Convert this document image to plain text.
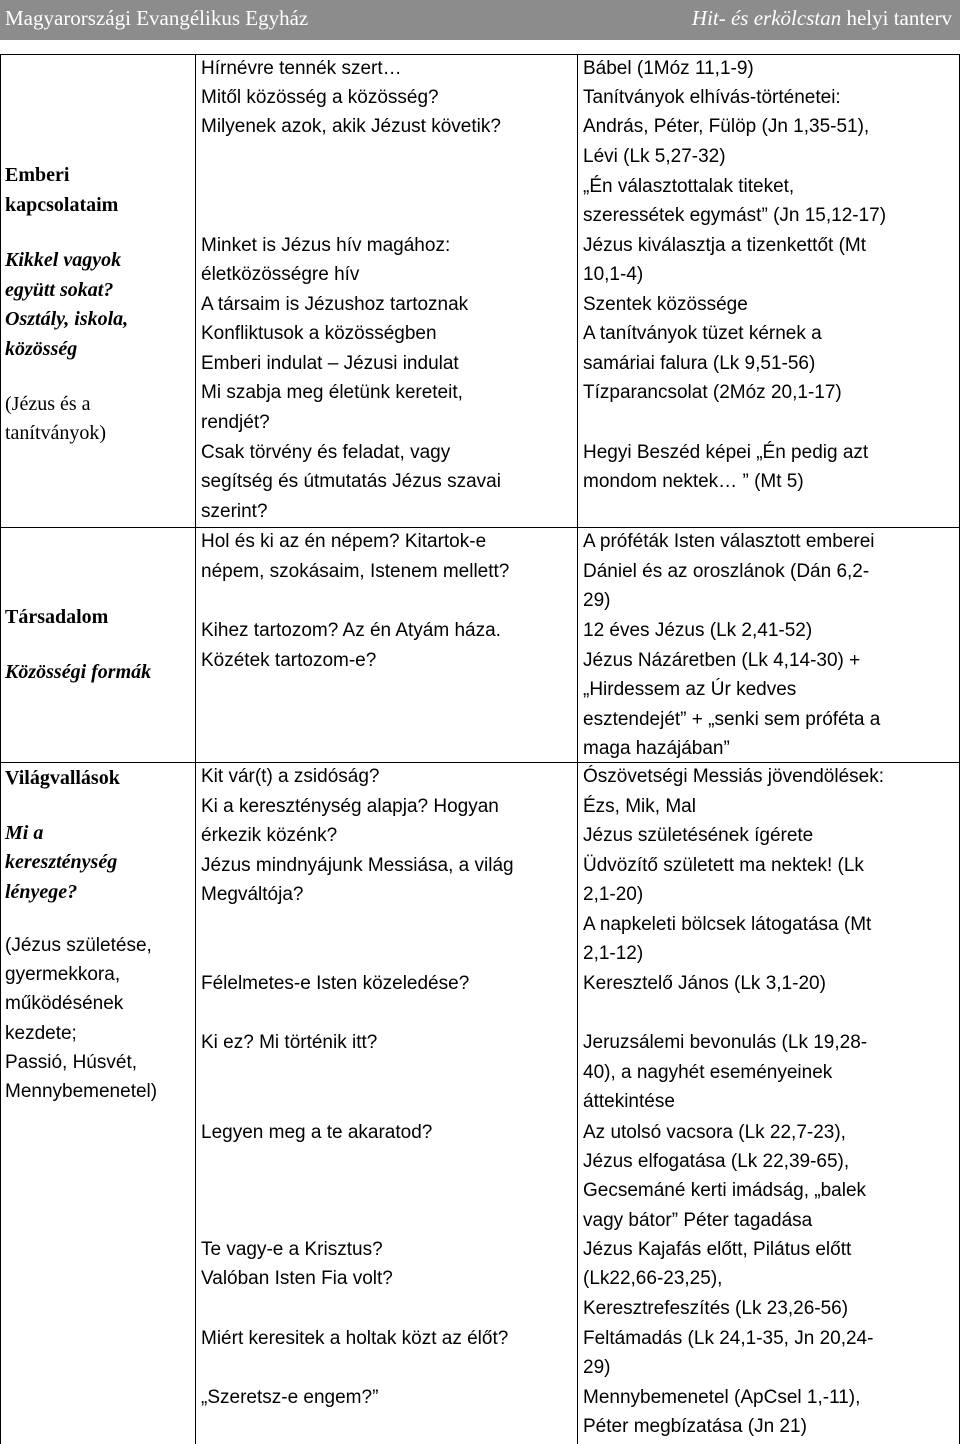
Magyarországi Evangélikus Egyház	Hit- és erkölcstan helyi tanterv
Emberi
kapcsolataim
Kikkel vagyok
együtt sokat?
Osztály, iskola,
közösség
(Jézus és a
tanítványok)
Hírnévre tennék szert…
Mitől közösség a közösség?
Milyenek azok, akik Jézust követik?
Minket is Jézus hív magához:
életközösségre hív
A társaim is Jézushoz tartoznak
Konfliktusok a közösségben
Emberi indulat – Jézusi indulat
Mi szabja meg életünk kereteit,
rendjét?
Csak törvény és feladat, vagy
segítség és útmutatás Jézus szavai
szerint?
Bábel (1Móz 11,1-9)
Tanítványok elhívás-történetei:
András, Péter, Fülöp (Jn 1,35-51),
Lévi (Lk 5,27-32)
„Én választottalak titeket,
szeressétek egymást” (Jn 15,12-17)
Jézus kiválasztja a tizenkettőt (Mt
10,1-4)
Szentek közössége
A tanítványok tüzet kérnek a
samáriai falura (Lk 9,51-56)
Tízparancsolat (2Móz 20,1-17)
Hegyi Beszéd képei „Én pedig azt
mondom nektek… ” (Mt 5)
Társadalom
Közösségi formák
Hol és ki az én népem? Kitartok-e
népem, szokásaim, Istenem mellett?
Kihez tartozom? Az én Atyám háza.
Közétek tartozom-e?
A próféták Isten választott emberei
Dániel és az oroszlánok (Dán 6,2-
29)
12 éves Jézus (Lk 2,41-52)
Jézus Názáretben (Lk 4,14-30) +
„Hirdessem az Úr kedves
esztendejét” + „senki sem próféta a
maga hazájában”
Világvallások
Mi a
kereszténység
lényege?
(Jézus születése,
gyermekkora,
működésének
kezdete;
Passió, Húsvét,
Mennybemenetel)
Kit vár(t) a zsidóság?
Ki a kereszténység alapja? Hogyan
érkezik közénk?
Jézus mindnyájunk Messiása, a világ
Megváltója?
Félelmetes-e Isten közeledése?
Ki ez? Mi történik itt?
Legyen meg a te akaratod?
Te vagy-e a Krisztus?
Valóban Isten Fia volt?
Miért keresitek a holtak közt az élőt?
„Szeretsz-e engem?”
Ószövetségi Messiás jövendölések:
Ézs, Mik, Mal
Jézus születésének ígérete
Üdvözítő született ma nektek! (Lk
2,1-20)
A napkeleti bölcsek látogatása (Mt
2,1-12)
Keresztelő János (Lk 3,1-20)
Jeruzsálemi bevonulás (Lk 19,28-
40), a nagyhét eseményeinek
áttekintése
Az utolsó vacsora (Lk 22,7-23),
Jézus elfogatása (Lk 22,39-65),
Gecsemáné kerti imádság, „balek
vagy bátor” Péter tagadása
Jézus Kajafás előtt, Pilátus előtt
(Lk22,66-23,25),
Keresztrefeszítés (Lk 23,26-56)
Feltámadás (Lk 24,1-35, Jn 20,24-
29)
Mennybemenetel (ApCsel 1,-11),
Péter megbízatása (Jn 21)
